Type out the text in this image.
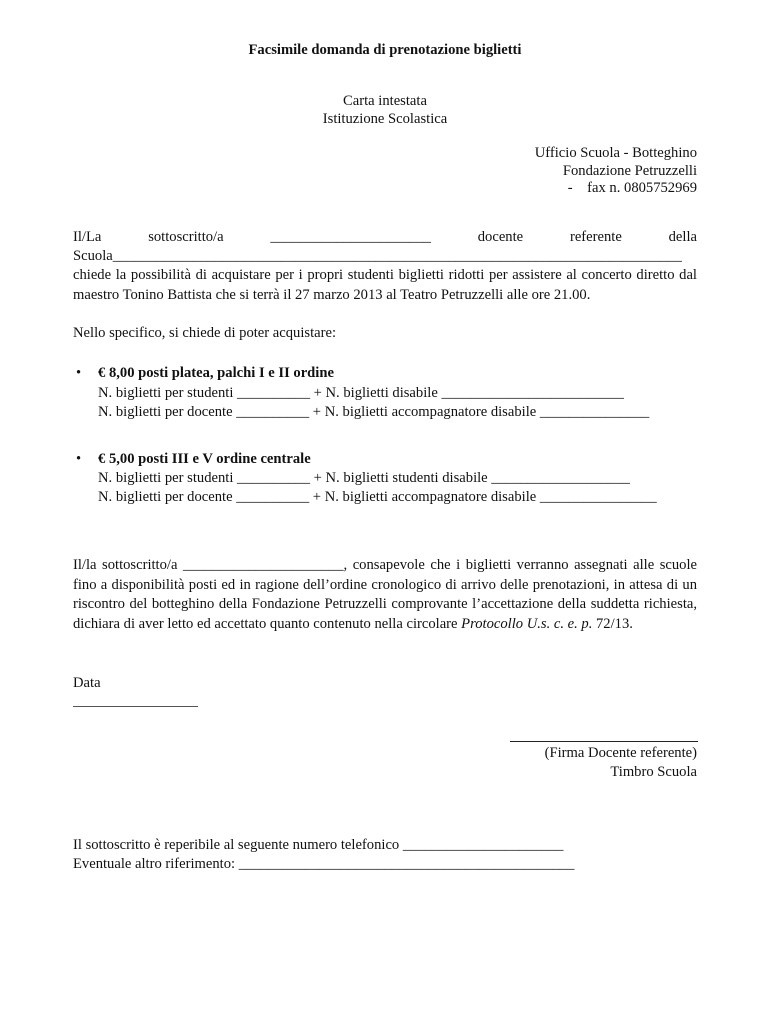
Facsimile domanda di prenotazione biglietti
Carta intestata
Istituzione Scolastica
Ufficio Scuola - Botteghino
Fondazione Petruzzelli
-    fax n. 0805752969
Il/La	sottoscritto/a	______________________	docente	referente	della
Scuola______________________________________________________________________________
chiede la possibilità di acquistare per i propri studenti biglietti ridotti per assistere al concerto diretto dal maestro Tonino Battista che si terrà il 27 marzo 2013 al Teatro Petruzzelli alle ore 21.00.
Nello specifico, si chiede di poter acquistare:
• € 8,00 posti platea, palchi I e II ordine
N. biglietti per studenti __________ + N. biglietti disabile _________________________
N. biglietti per docente __________ + N. biglietti accompagnatore disabile _______________
• € 5,00 posti III e V ordine centrale
N. biglietti per studenti __________ + N. biglietti studenti disabile ___________________
N. biglietti per docente __________ + N. biglietti accompagnatore disabile ________________
Il/la sottoscritto/a ______________________, consapevole che i biglietti verranno assegnati alle scuole fino a disponibilità posti ed in ragione dell’ordine cronologico di arrivo delle prenotazioni, in attesa di un riscontro del botteghino della Fondazione Petruzzelli comprovante l’accettazione della suddetta richiesta, dichiara di aver letto ed accettato quanto contenuto nella circolare Protocollo U.s. c. e. p. 72/13.
Data
(Firma Docente referente)
Timbro Scuola
Il sottoscritto è reperibile al seguente numero telefonico ______________________
Eventuale altro riferimento: ______________________________________________
